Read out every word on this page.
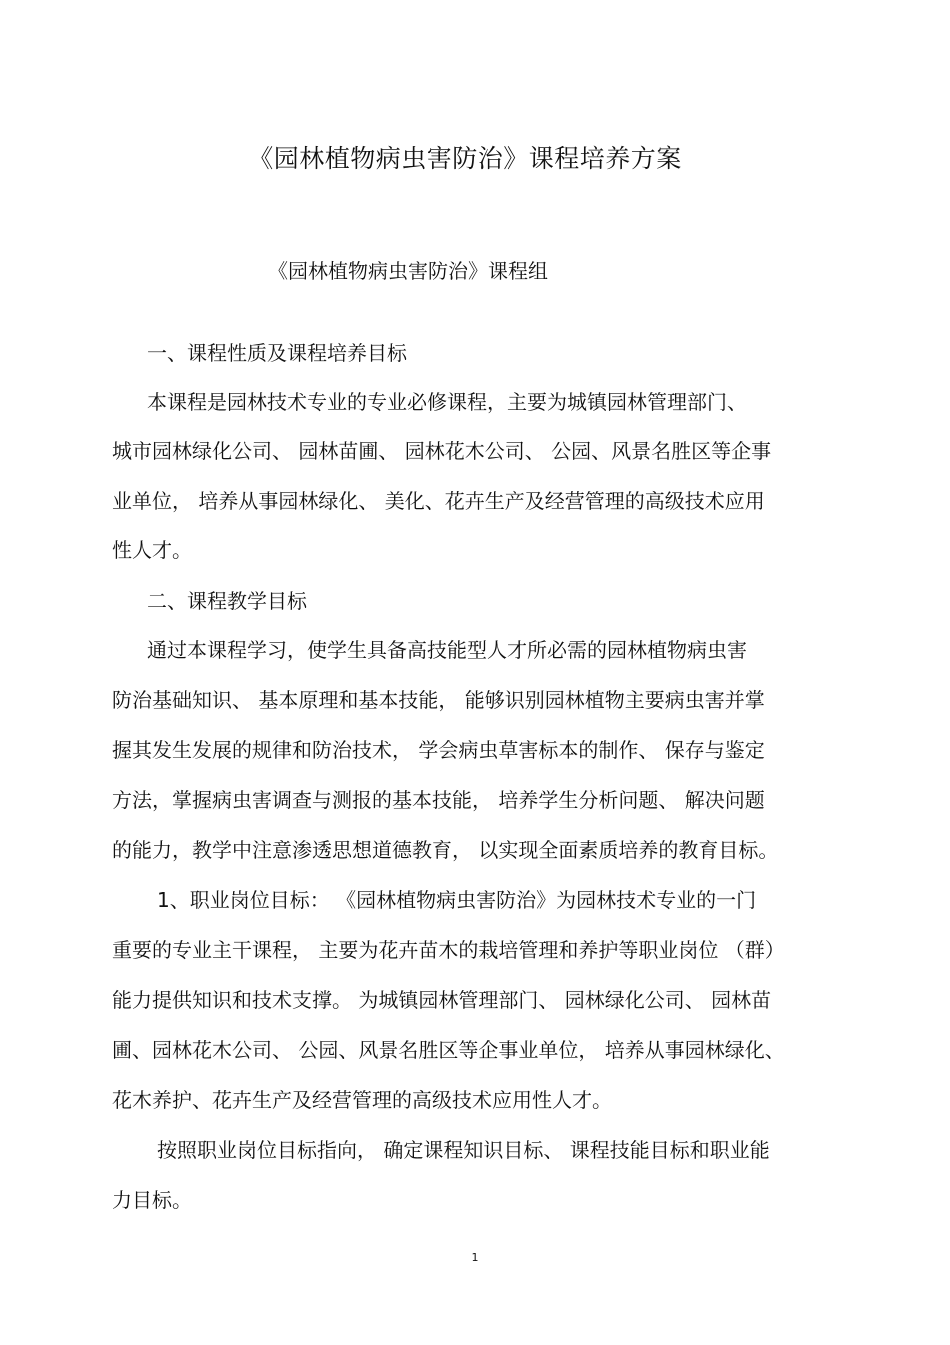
《园林植物病虫害防治》课程培养方案
《园林植物病虫害防治》课程组
一、课程性质及课程培养目标
本课程是园林技术专业的专业必修课程，主要为城镇园林管理部门、
城市园林绿化公司、 园林苗圃、 园林花木公司、 公园、风景名胜区等企事
业单位， 培养从事园林绿化、 美化、花卉生产及经营管理的高级技术应用
性人才。
二、课程教学目标
通过本课程学习，使学生具备高技能型人才所必需的园林植物病虫害
防治基础知识、 基本原理和基本技能， 能够识别园林植物主要病虫害并掌
握其发生发展的规律和防治技术， 学会病虫草害标本的制作、 保存与鉴定
方法，掌握病虫害调查与测报的基本技能， 培养学生分析问题、 解决问题
的能力，教学中注意渗透思想道德教育， 以实现全面素质培养的教育目标。
1、职业岗位目标： 《园林植物病虫害防治》为园林技术专业的一门
重要的专业主干课程， 主要为花卉苗木的栽培管理和养护等职业岗位 （群）
能力提供知识和技术支撑。 为城镇园林管理部门、 园林绿化公司、 园林苗
圃、园林花木公司、 公园、风景名胜区等企事业单位， 培养从事园林绿化、
花木养护、花卉生产及经营管理的高级技术应用性人才。
按照职业岗位目标指向， 确定课程知识目标、 课程技能目标和职业能
力目标。
1
